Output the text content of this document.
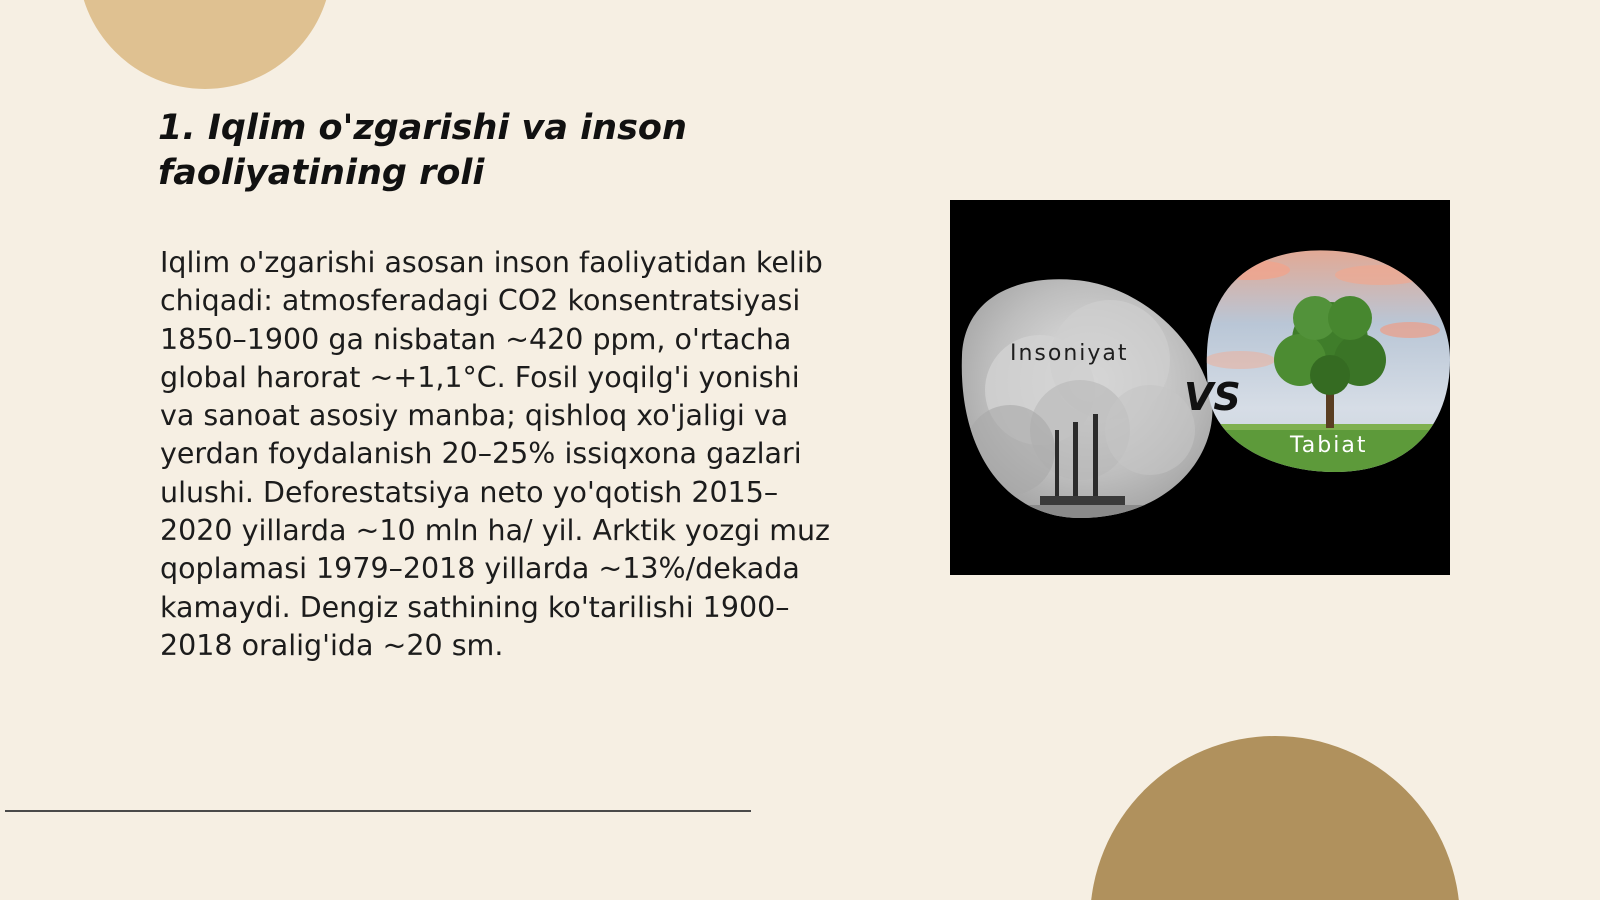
1. Iqlim o'zgarishi va inson faoliyatining roli

Iqlim o'zgarishi asosan inson faoliyatidan kelib chiqadi: atmosferadagi CO2 konsentratsiyasi 1850–1900 ga nisbatan ~420 ppm, o'rtacha global harorat ~+1,1°C. Fosil yoqilg'i yonishi va sanoat asosiy manba; qishloq xo'jaligi va yerdan foydalanish 20–25% issiqxona gazlari ulushi. Deforestatsiya neto yo'qotish 2015–2020 yillarda ~10 mln ha/ yil. Arktik yozgi muz qoplamasi 1979–2018 yillarda ~13%/dekada kamaydi. Dengiz sathining ko'tarilishi 1900–2018 oralig'ida ~20 sm.

Insoniyat
VS
Tabiat
